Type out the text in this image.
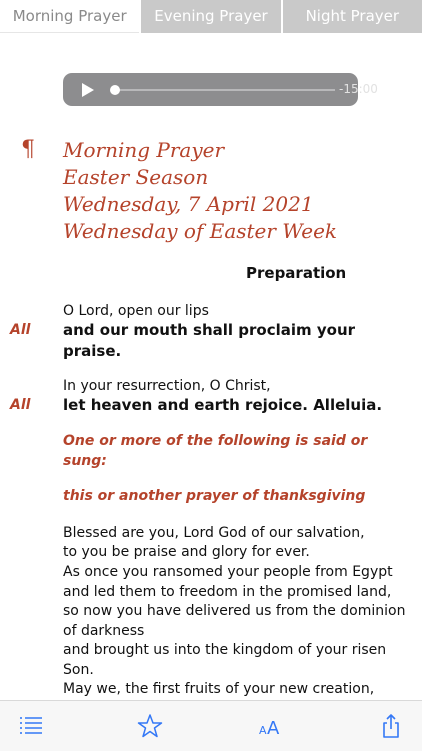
Morning Prayer	Evening Prayer	Night Prayer
-15:00
¶ Morning Prayer
Easter Season
Wednesday, 7 April 2021
Wednesday of Easter Week
Preparation
O Lord, open our lips
All and our mouth shall proclaim your
praise.
In your resurrection, O Christ,
All let heaven and earth rejoice. Alleluia.
One or more of the following is said or
sung:
this or another prayer of thanksgiving
Blessed are you, Lord God of our salvation,
to you be praise and glory for ever.
As once you ransomed your people from Egypt
and led them to freedom in the promised land,
so now you have delivered us from the dominion
of darkness
and brought us into the kingdom of your risen
Son.
May we, the first fruits of your new creation,
A A
